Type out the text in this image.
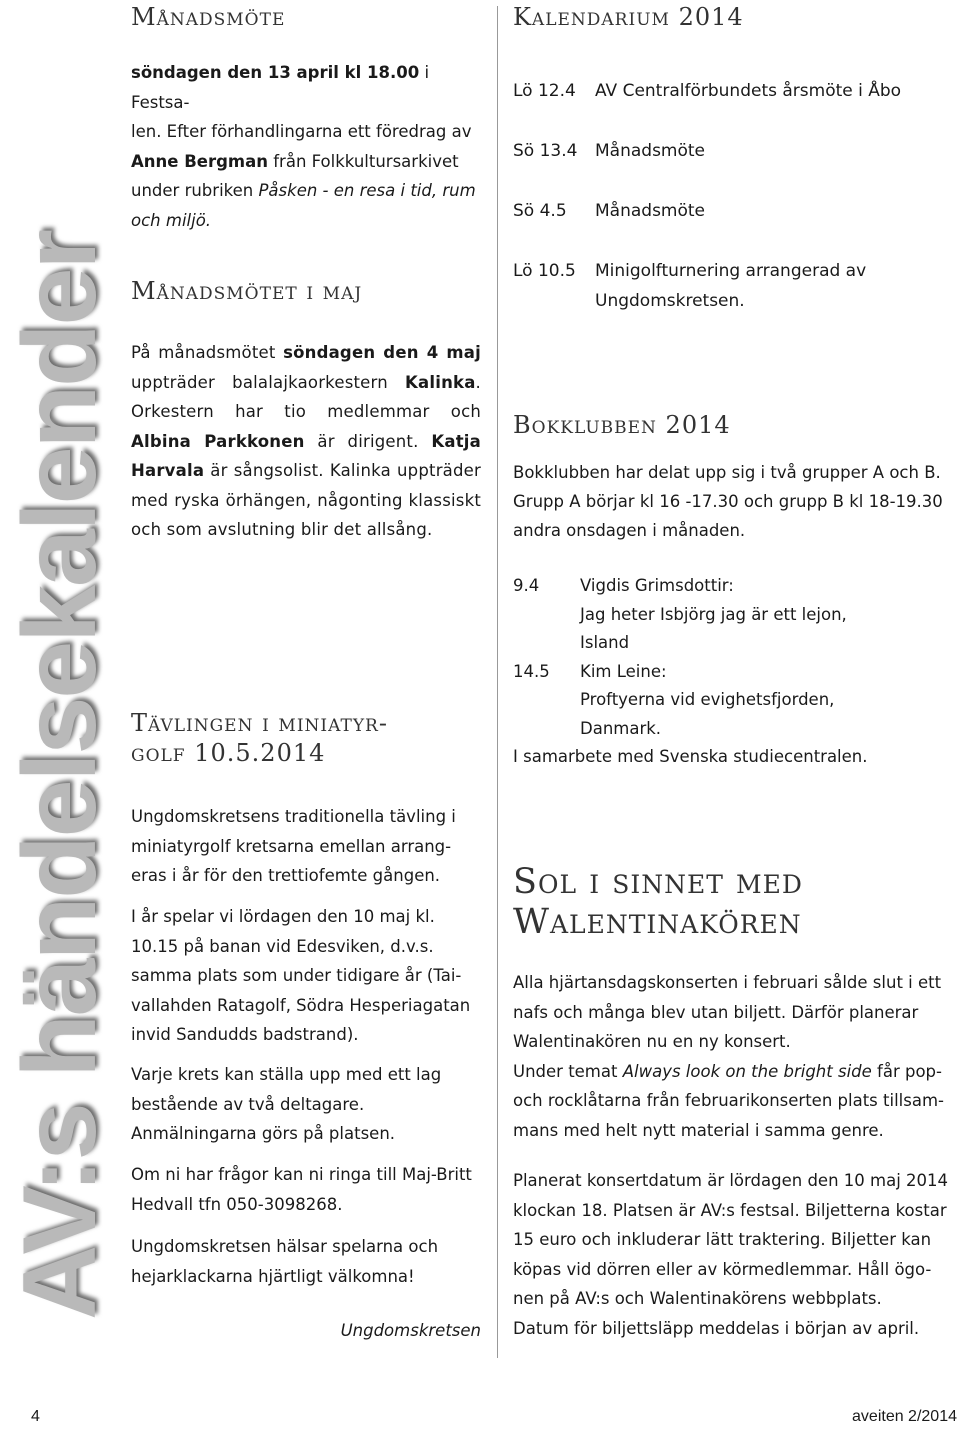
AV:s händelsekalender
Månadsmöte

söndagen den 13 april kl 18.00 i Festsa-

len. Efter förhandlingarna ett föredrag av

Anne Bergman från Folkkultursarkivet

under rubriken Påsken - en resa i tid, rum

och miljö.

Månadsmötet i maj

På månadsmötet söndagen den 4 maj uppträder balalajkaorkestern Kalinka. Orkestern har tio medlemmar och Albina Parkkonen är dirigent. Katja Harvala är sångsolist. Kalinka uppträder med ryska örhängen, någonting klassiskt och som avslutning blir det allsång.

Tävlingen i miniatyr-
golf 10.5.2014

Ungdomskretsens traditionella tävling i miniatyrgolf kretsarna emellan arrang-eras i år för den trettiofemte gången.

I år spelar vi lördagen den 10 maj kl. 10.15 på banan vid Edesviken, d.v.s. samma plats som under tidigare år (Tai-vallahden Ratagolf, Södra Hesperiagatan invid Sandudds badstrand).

Varje krets kan ställa upp med ett lag bestående av två deltagare. Anmälningarna görs på platsen.

Om ni har frågor kan ni ringa till Maj-Britt Hedvall tfn 050-3098268.

Ungdomskretsen hälsar spelarna och hejarklackarna hjärtligt välkomna!

Ungdomskretsen

Kalendarium 2014
Lö 12.4	AV Centralförbundets årsmöte i Åbo
Sö 13.4	Månadsmöte
Sö 4.5	Månadsmöte
Lö 10.5	Minigolfturnering arrangerad av Ungdomskretsen.
Bokklubben 2014

Bokklubben har delat upp sig i två grupper A och B. Grupp A börjar kl 16 -17.30 och grupp B kl 18-19.30 andra onsdagen i månaden.

9.4	Vigdis Grimsdottir:
Jag heter Isbjörg jag är ett lejon,
Island
14.5	Kim Leine:
Proftyerna vid evighetsfjorden,
Danmark.
I samarbete med Svenska studiecentralen.
Sol i sinnet med
Walentinakören

Alla hjärtansdagskonserten i februari sålde slut i ett nafs och många blev utan biljett. Därför planerar Walentinakören nu en ny konsert.

Under temat Always look on the bright side får pop- och rocklåtarna från februarikonserten plats tillsam-mans med helt nytt material i samma genre.

Planerat konsertdatum är lördagen den 10 maj 2014 klockan 18. Platsen är AV:s festsal. Biljetterna kostar 15 euro och inkluderar lätt traktering. Biljetter kan köpas vid dörren eller av körmedlemmar. Håll ögo-nen på AV:s och Walentinakörens webbplats.

Datum för biljettsläpp meddelas i början av april.

4	aveiten 2/2014
